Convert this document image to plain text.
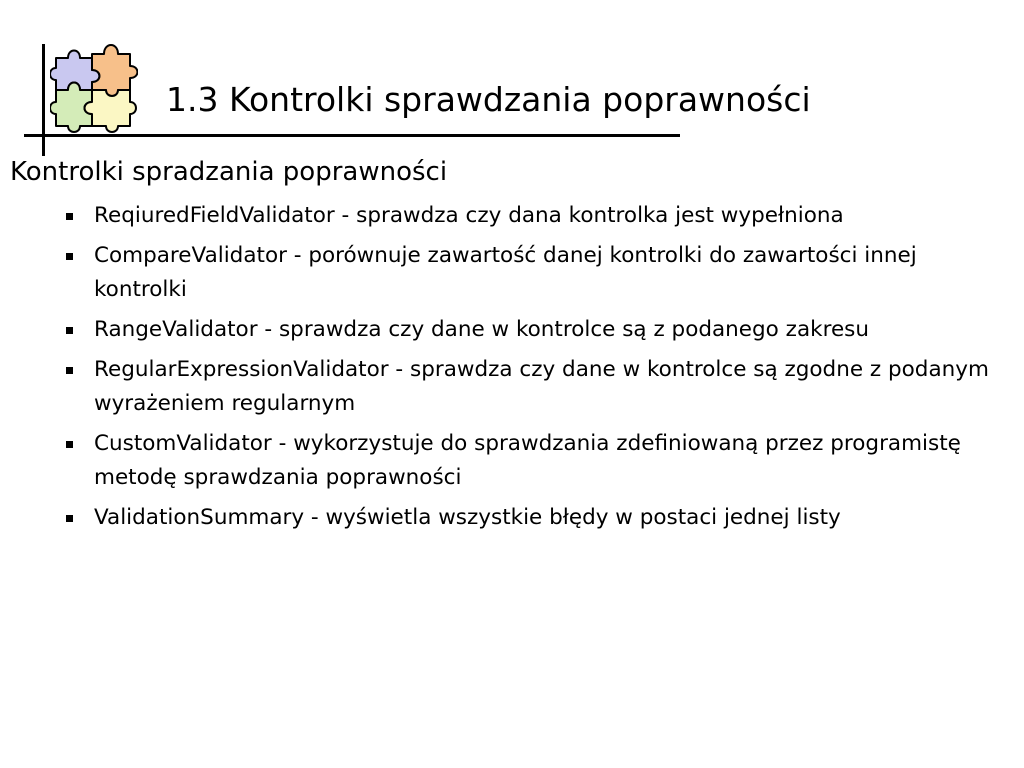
1.3 Kontrolki sprawdzania poprawności
Kontrolki spradzania poprawności
ReqiuredFieldValidator - sprawdza czy dana kontrolka jest wypełniona
CompareValidator - porównuje zawartość danej kontrolki do zawartości innej kontrolki
RangeValidator - sprawdza czy dane w kontrolce są z podanego zakresu
RegularExpressionValidator - sprawdza czy dane w kontrolce są zgodne z podanym wyrażeniem regularnym
CustomValidator - wykorzystuje do sprawdzania zdefiniowaną przez programistę metodę sprawdzania poprawności
ValidationSummary - wyświetla wszystkie błędy w postaci jednej listy
